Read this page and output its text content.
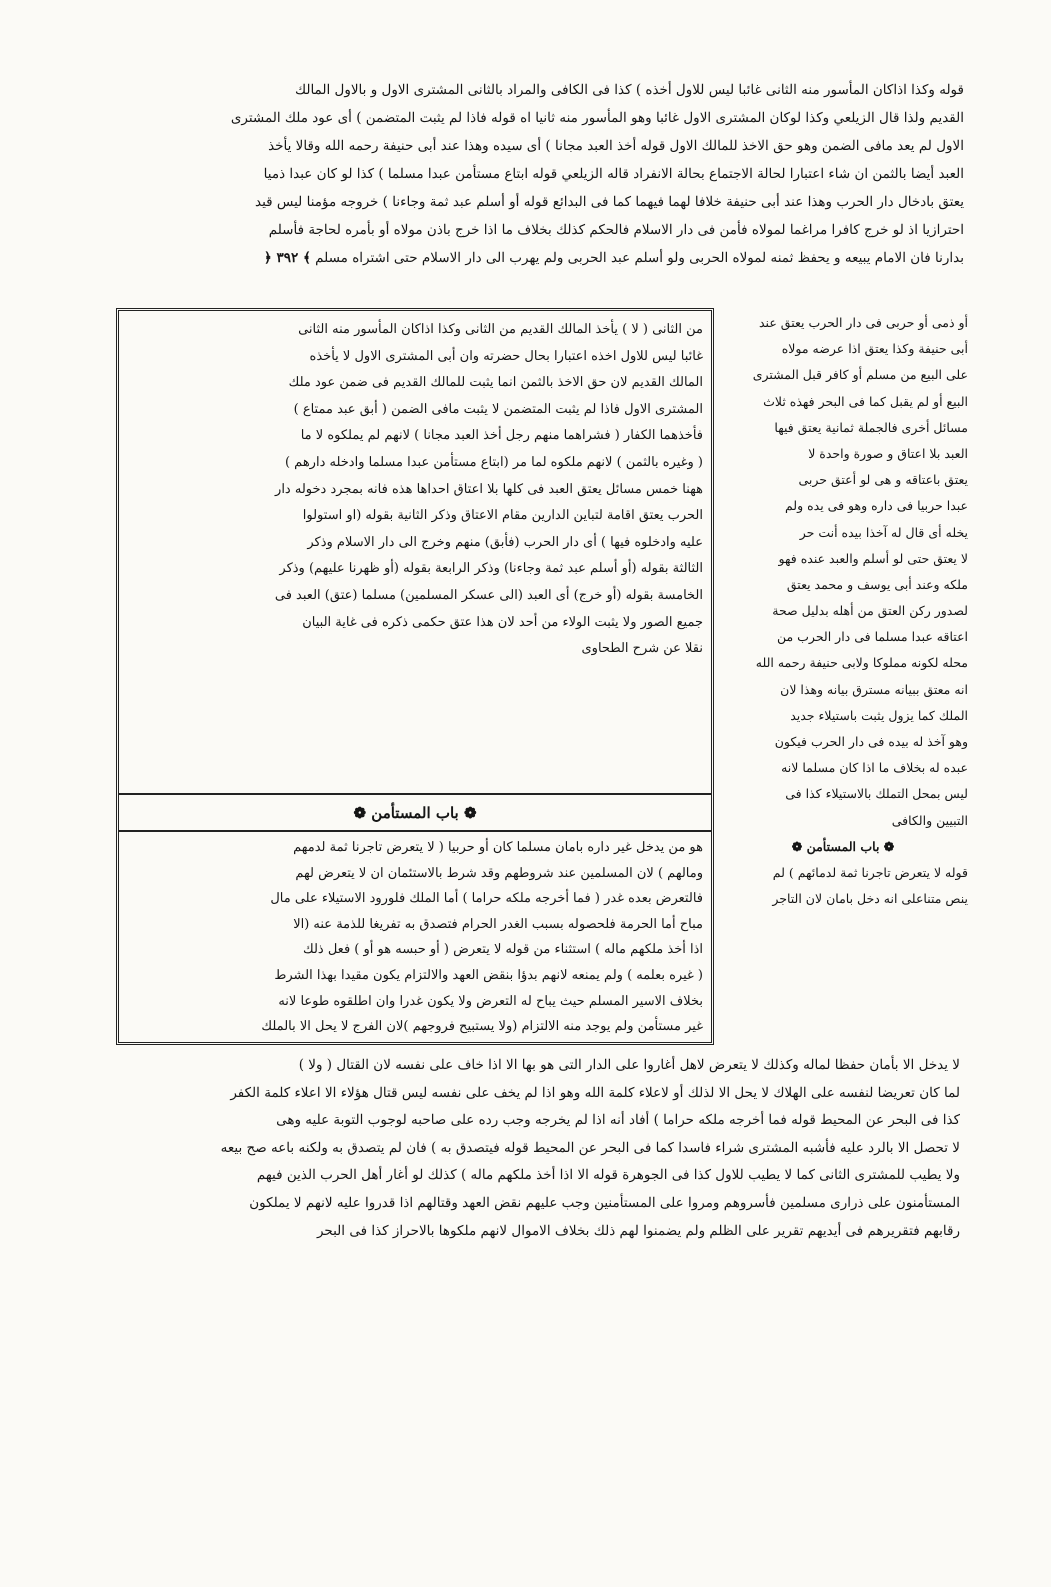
قوله وكذا اذاكان المأسور منه الثانى غائبا ليس للاول أخذه ) كذا فى الكافى والمراد بالثانى المشترى الاول و بالاول المالك
القديم ولذا قال الزيلعي وكذا لوكان المشترى الاول غائبا وهو المأسور منه ثانيا اه قوله فاذا لم يثبت المتضمن ) أى عود ملك المشترى
الاول لم يعد مافى الضمن وهو حق الاخذ للمالك الاول قوله أخذ العبد مجانا ) أى سيده وهذا عند أبى حنيفة رحمه الله وقالا يأخذ
العبد أيضا بالثمن ان شاء اعتبارا لحالة الاجتماع بحالة الانفراد قاله الزيلعي قوله ابتاع مستأمن عبدا مسلما ) كذا لو كان عبدا ذميا
يعتق بادخال دار الحرب وهذا عند أبى حنيفة خلافا لهما فيهما كما فى البدائع قوله أو أسلم عبد ثمة وجاءنا ) خروجه مؤمنا ليس قيد
احترازيا اذ لو خرج كافرا مراغما لمولاه فأمن فى دار الاسلام فالحكم كذلك بخلاف ما اذا خرج باذن مولاه أو بأمره لحاجة فأسلم
بدارنا فان الامام يبيعه و يحفظ ثمنه لمولاه الحربى ولو أسلم عبد الحربى ولم يهرب الى دار الاسلام حتى اشتراه مسلم ﴾ ٣٩٢ ﴿
من الثانى ( لا ) يأخذ المالك القديم من الثانى وكذا اذاكان المأسور منه الثانى
غائبا ليس للاول اخذه اعتبارا بحال حضرته وان أبى المشترى الاول لا يأخذه
المالك القديم لان حق الاخذ بالثمن انما يثبت للمالك القديم فى ضمن عود ملك
المشترى الاول فاذا لم يثبت المتضمن لا يثبت مافى الضمن ( أبق عبد ممتاع )
فأخذهما الكفار ( فشراهما منهم رجل أخذ العبد مجانا ) لانهم لم يملكوه لا ما
( وغيره بالثمن ) لانهم ملكوه لما مر (ابتاع مستأمن عبدا مسلما وادخله دارهم )
ههنا خمس مسائل يعتق العبد فى كلها بلا اعتاق احداها هذه فانه بمجرد دخوله دار
الحرب يعتق اقامة لتباين الدارين مقام الاعتاق وذكر الثانية بقوله (او استولوا
عليه وادخلوه فيها ) أى دار الحرب (فأبق) منهم وخرج الى دار الاسلام وذكر
الثالثة بقوله (أو أسلم عبد ثمة وجاءنا) وذكر الرابعة بقوله (أو ظهرنا عليهم) وذكر
الخامسة بقوله (أو خرج) أى العبد (الى عسكر المسلمين) مسلما (عتق) العبد فى
جميع الصور ولا يثبت الولاء من أحد لان هذا عتق حكمى ذكره فى غاية البيان
نقلا عن شرح الطحاوى
❁ باب المستأمن ❁
هو من يدخل غير داره بامان مسلما كان أو حربيا ( لا يتعرض تاجرنا ثمة لدمهم
ومالهم ) لان المسلمين عند شروطهم وقد شرط بالاستئمان ان لا يتعرض لهم
فالتعرض بعده غدر ( فما أخرجه ملكه حراما ) أما الملك فلورود الاستيلاء على مال
مباح أما الحرمة فلحصوله بسبب الغدر الحرام فتصدق به تفريغا للذمة عنه (الا
اذا أخذ ملكهم ماله ) استثناء من قوله لا يتعرض ( أو حبسه هو أو ) فعل ذلك
( غيره بعلمه ) ولم يمنعه لانهم بدؤا بنقض العهد والالتزام يكون مقيدا بهذا الشرط
بخلاف الاسير المسلم حيث يباح له التعرض ولا يكون غدرا وان اطلقوه طوعا لانه
غير مستأمن ولم يوجد منه الالتزام (ولا يستبيح فروجهم )لان الفرج لا يحل الا بالملك
أو ذمى أو حربى فى دار الحرب يعتق عند
أبى حنيفة وكذا يعتق اذا عرضه مولاه
على البيع من مسلم أو كافر قبل المشترى
البيع أو لم يقبل كما فى البحر فهذه ثلاث
مسائل أخرى فالجملة ثمانية يعتق فيها
العبد بلا اعتاق و صورة واحدة لا
يعتق باعتاقه و هى لو أعتق حربى
عبدا حربيا فى داره وهو فى يده ولم
يخله أى قال له آخذا بيده أنت حر
لا يعتق حتى لو أسلم والعبد عنده فهو
ملكه وعند أبى يوسف و محمد يعتق
لصدور ركن العتق من أهله بدليل صحة
اعتاقه عبدا مسلما فى دار الحرب من
محله لكونه مملوكا ولابى حنيفة رحمه الله
انه معتق ببيانه مسترق بيانه وهذا لان
الملك كما يزول يثبت باستيلاء جديد
وهو آخذ له بيده فى دار الحرب فيكون
عبده له بخلاف ما اذا كان مسلما لانه
ليس بمحل التملك بالاستيلاء كذا فى
التبيين والكافى
❁ باب المستأمن ❁
قوله لا يتعرض تاجرنا ثمة لدمائهم ) لم
ينص متناعلى انه دخل بامان لان التاجر
لا يدخل الا بأمان حفظا لماله وكذلك لا يتعرض لاهل أغاروا على الدار التى هو بها الا اذا خاف على نفسه لان القتال ( ولا )
لما كان تعريضا لنفسه على الهلاك لا يحل الا لذلك أو لاعلاء كلمة الله وهو اذا لم يخف على نفسه ليس قتال هؤلاء الا اعلاء كلمة الكفر
كذا فى البحر عن المحيط قوله فما أخرجه ملكه حراما ) أفاد أنه اذا لم يخرجه وجب رده على صاحبه لوجوب التوبة عليه وهى
لا تحصل الا بالرد عليه فأشبه المشترى شراء فاسدا كما فى البحر عن المحيط قوله فيتصدق به ) فان لم يتصدق به ولكنه باعه صح بيعه
ولا يطيب للمشترى الثانى كما لا يطيب للاول كذا فى الجوهرة قوله الا اذا أخذ ملكهم ماله ) كذلك لو أغار أهل الحرب الذين فيهم
المستأمنون على ذرارى مسلمين فأسروهم ومروا على المستأمنين وجب عليهم نقض العهد وقتالهم اذا قدروا عليه لانهم لا يملكون
رقابهم فتقريرهم فى أيديهم تقرير على الظلم ولم يضمنوا لهم ذلك بخلاف الاموال لانهم ملكوها بالاحراز كذا فى البحر
